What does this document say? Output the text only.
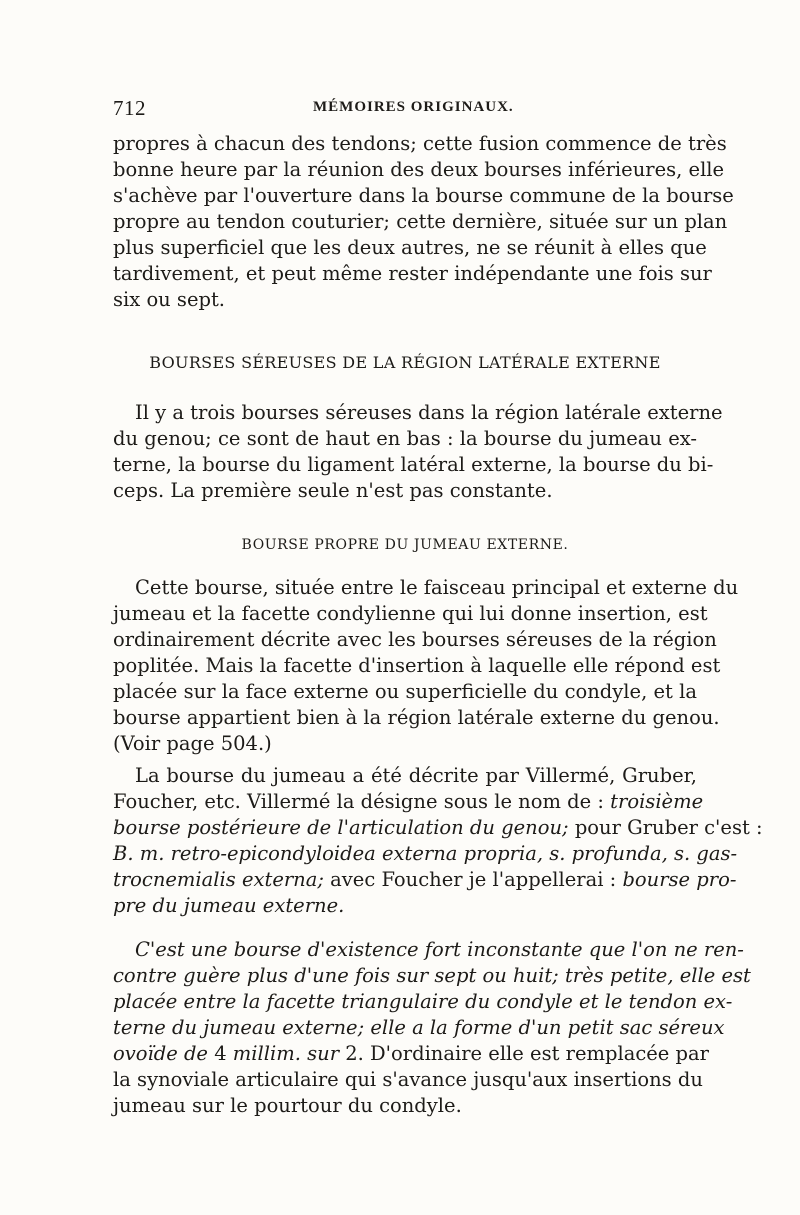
712	MÉMOIRES ORIGINAUX.
propres à chacun des tendons; cette fusion commence de très
bonne heure par la réunion des deux bourses inférieures, elle
s'achève par l'ouverture dans la bourse commune de la bourse
propre au tendon couturier; cette dernière, située sur un plan
plus superficiel que les deux autres, ne se réunit à elles que
tardivement, et peut même rester indépendante une fois sur
six ou sept.
BOURSES SÉREUSES DE LA RÉGION LATÉRALE EXTERNE
Il y a trois bourses séreuses dans la région latérale externe
du genou; ce sont de haut en bas : la bourse du jumeau ex-
terne, la bourse du ligament latéral externe, la bourse du bi-
ceps. La première seule n'est pas constante.
BOURSE PROPRE DU JUMEAU EXTERNE.
Cette bourse, située entre le faisceau principal et externe du
jumeau et la facette condylienne qui lui donne insertion, est
ordinairement décrite avec les bourses séreuses de la région
poplitée. Mais la facette d'insertion à laquelle elle répond est
placée sur la face externe ou superficielle du condyle, et la
bourse appartient bien à la région latérale externe du genou.
(Voir page 504.)
La bourse du jumeau a été décrite par Villermé, Gruber,
Foucher, etc. Villermé la désigne sous le nom de : troisième
bourse postérieure de l'articulation du genou; pour Gruber c'est :
B. m. retro-epicondyloidea externa propria, s. profunda, s. gas-
trocnemialis externa; avec Foucher je l'appellerai : bourse pro-
pre du jumeau externe.
C'est une bourse d'existence fort inconstante que l'on ne ren-
contre guère plus d'une fois sur sept ou huit; très petite, elle est
placée entre la facette triangulaire du condyle et le tendon ex-
terne du jumeau externe; elle a la forme d'un petit sac séreux
ovoïde de 4 millim. sur 2. D'ordinaire elle est remplacée par
la synoviale articulaire qui s'avance jusqu'aux insertions du
jumeau sur le pourtour du condyle.
